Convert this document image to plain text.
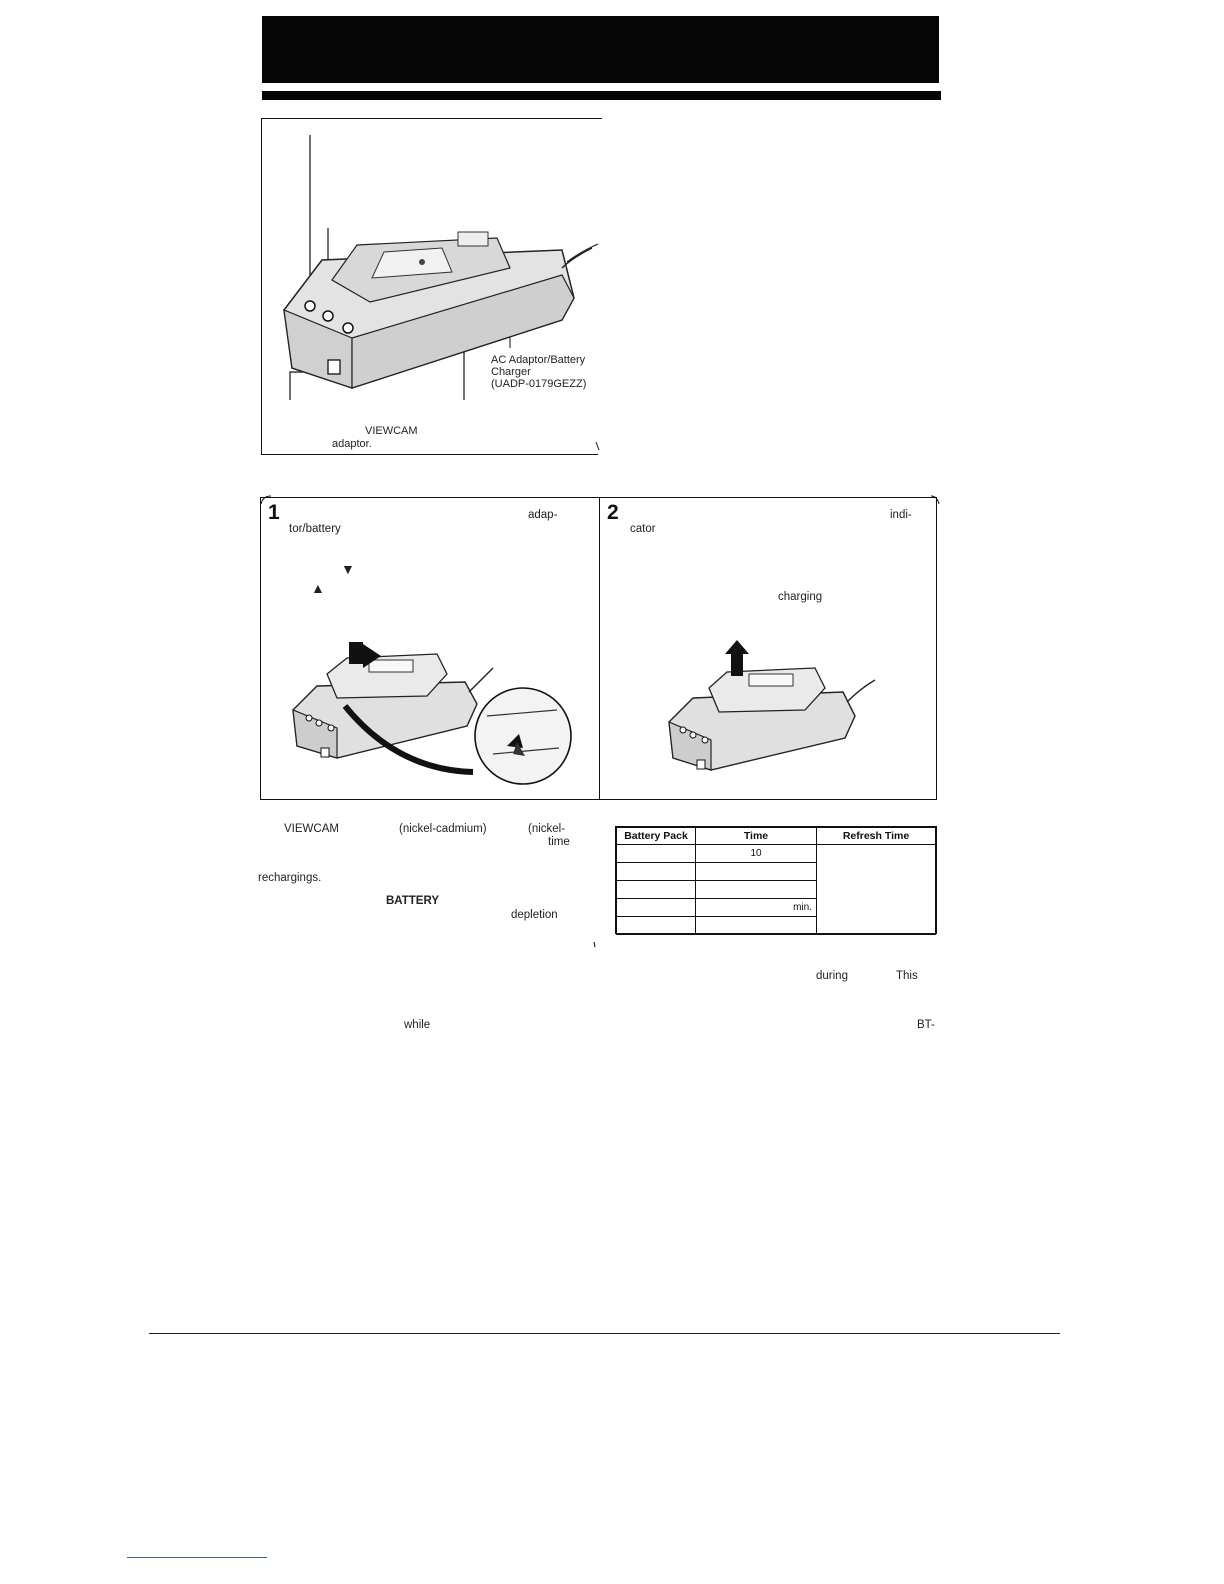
AC Adaptor/Battery
Charger
(UADP-0179GEZZ)
VIEWCAM
adaptor.
1	adap-
tor/battery
▼
▲
2	indi-
cator
charging
VIEWCAM	(nickel-cadmium)	(nickel-
time
rechargings.
BATTERY
depletion
while
during	This
BT-
Battery Pack	Time	Refresh Time
	10	

	min.	
